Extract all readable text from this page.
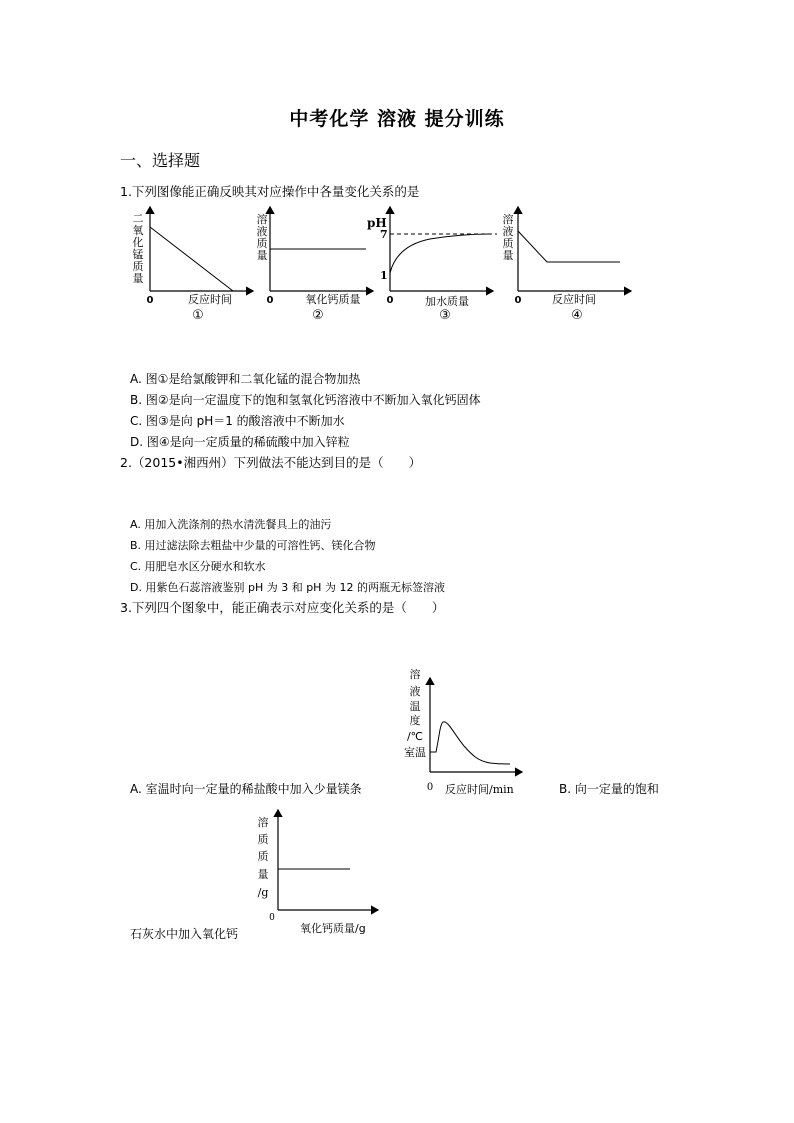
中考化学 溶液 提分训练
一、选择题
1.下列图像能正确反映其对应操作中各量变化关系的是
二
氧
化
锰
质
量
0	反应时间
①
溶
液
质
量
0	氧化钙质量
②
pH
7
1
0	加水质量
③
溶
液
质
量
0	反应时间
④
A. 图①是给氯酸钾和二氧化锰的混合物加热
B. 图②是向一定温度下的饱和氢氧化钙溶液中不断加入氧化钙固体
C. 图③是向 pH＝1 的酸溶液中不断加水
D. 图④是向一定质量的稀硫酸中加入锌粒
2.（2015•湘西州）下列做法不能达到目的是（　　）
A. 用加入洗涤剂的热水清洗餐具上的油污
B. 用过滤法除去粗盐中少量的可溶性钙、镁化合物
C. 用肥皂水区分硬水和软水
D. 用紫色石蕊溶液鉴别 pH 为 3 和 pH 为 12 的两瓶无标签溶液
3.下列四个图象中，能正确表示对应变化关系的是（　　）
溶
液
温
度
/℃
室温
0 反应时间/min
A. 室温时向一定量的稀盐酸中加入少量镁条	B. 向一定量的饱和
溶
质
质
量
/g
0
氧化钙质量/g
石灰水中加入氧化钙
